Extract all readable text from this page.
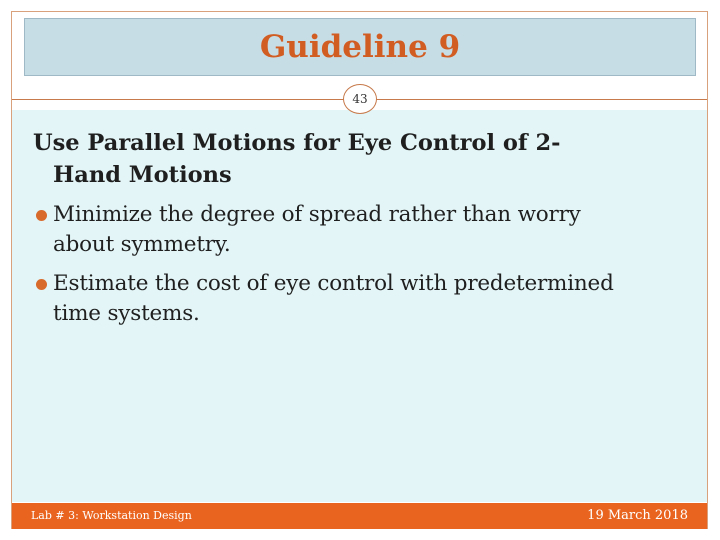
Guideline 9
43
Use Parallel Motions for Eye Control of 2-
Hand Motions
Minimize the degree of spread rather than worry
about symmetry.
Estimate the cost of eye control with predetermined
time systems.
Lab # 3: Workstation Design	19 March 2018
